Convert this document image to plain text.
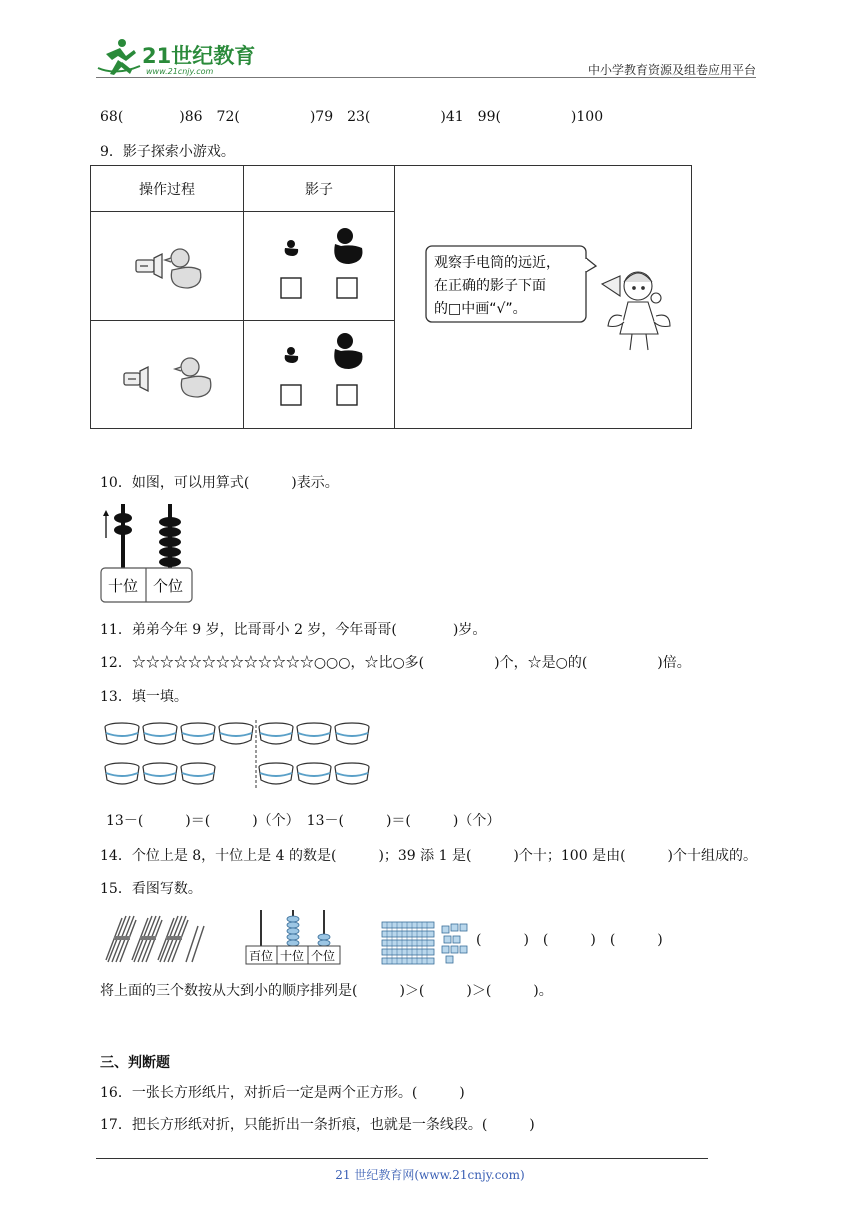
21世纪教育
www.21cnjy.com	中小学教育资源及组卷应用平台
68(　　　　)86　72(　　　　　)79　23(　　　　　)41　99(　　　　　)100
9．影子探索小游戏。
操作过程	影子	观察手电筒的远近，
在正确的影子下面
的□中画“√”。

10．如图，可以用算式(　　　)表示。
十位 个位
11．弟弟今年 9 岁，比哥哥小 2 岁，今年哥哥(　　　　)岁。
12．☆☆☆☆☆☆☆☆☆☆☆☆☆○○○，☆比○多(　　　　　)个，☆是○的(　　　　　)倍。
13．填一填。
13－(　　　)＝(　　　)（个）　13－(　　　)＝(　　　)（个）
14．个位上是 8，十位上是 4 的数是(　　　)；39 添 1 是(　　　)个十；100 是由(　　　)个十组成的。
15．看图写数。
百位 十位 个位
(　　　)　(　　　)　(　　　)
将上面的三个数按从大到小的顺序排列是(　　　)＞(　　　)＞(　　　)。
三、判断题
16．一张长方形纸片，对折后一定是两个正方形。(　　　)
17．把长方形纸对折，只能折出一条折痕，也就是一条线段。(　　　)
21 世纪教育网(www.21cnjy.com)
